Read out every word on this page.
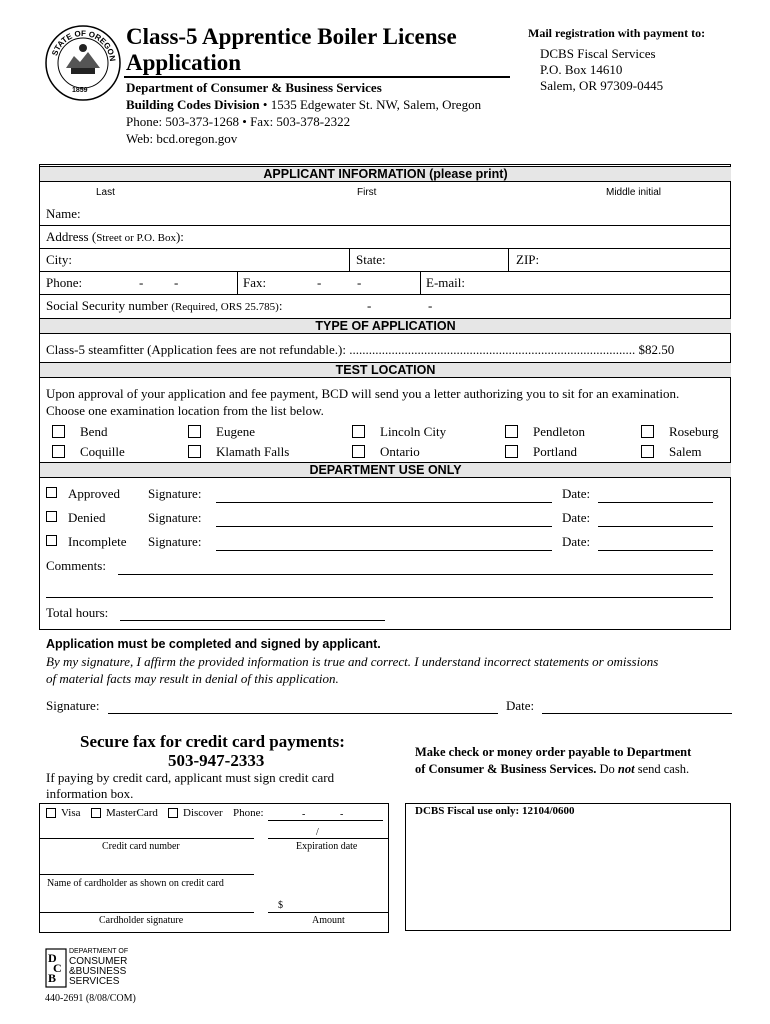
STATE OF OREGON
1859
Class-5 Apprentice Boiler License
Application
Department of Consumer & Business Services
Building Codes Division • 1535 Edgewater St. NW, Salem, Oregon
Phone: 503-373-1268 • Fax: 503-378-2322
Web: bcd.oregon.gov
Mail registration with payment to:
DCBS Fiscal Services
P.O. Box 14610
Salem, OR 97309-0445
APPLICANT INFORMATION (please print)
Last	First	Middle initial
Name:
Address (Street or P.O. Box):
City:	State:	ZIP:
Phone:	- -	Fax:	-	-	E-mail:
Social Security number (Required, ORS 25.785):	-	-
TYPE OF APPLICATION
Class-5 steamfitter (Application fees are not refundable.): ........................................................................................ $82.50
TEST LOCATION
Upon approval of your application and fee payment, BCD will send you a letter authorizing you to sit for an examination.
Choose one examination location from the list below.
Bend	Eugene	Lincoln City	Pendleton	Roseburg
Coquille	Klamath Falls	Ontario	Portland	Salem
DEPARTMENT USE ONLY
Approved Signature:	Date:
Denied	Signature:	Date:
Incomplete Signature:	Date:
Comments:
Total hours:
Application must be completed and signed by applicant.
By my signature, I affirm the provided information is true and correct. I understand incorrect statements or omissions
of material facts may result in denial of this application.
Signature:	Date:
Secure fax for credit card payments:
503-947-2333
If paying by credit card, applicant must sign credit card
information box.
Visa MasterCard Discover Phone:	-	-
/
Credit card number	Expiration date
Name of cardholder as shown on credit card
$
Cardholder signature	Amount
Make check or money order payable to Department
of Consumer & Business Services. Do not send cash.
DCBS Fiscal use only: 12104/0600
D
C
B
DEPARTMENT OF
CONSUMER
&BUSINESS
SERVICES
440-2691 (8/08/COM)
